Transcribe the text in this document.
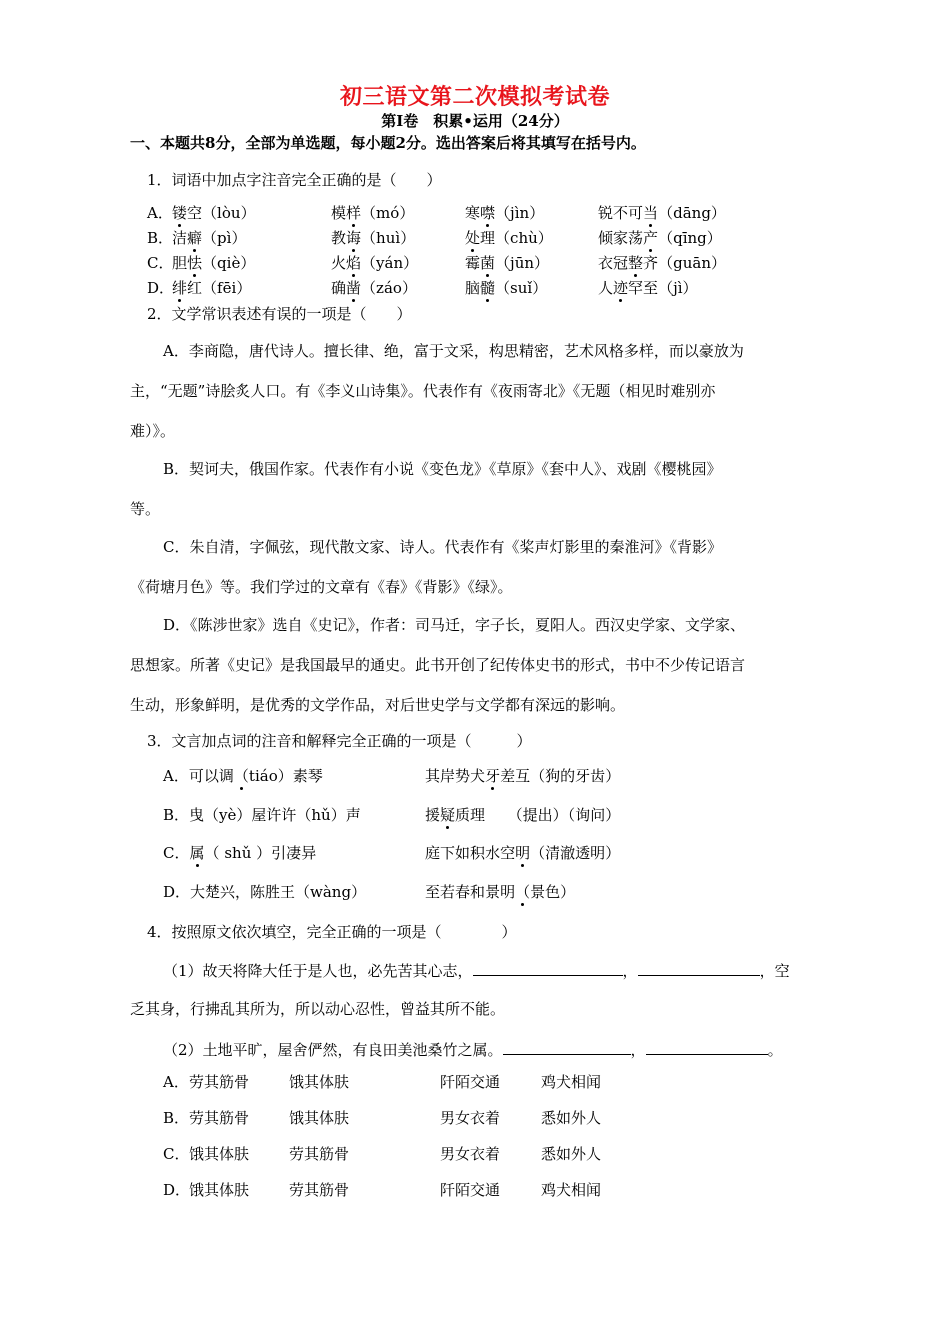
初三语文第二次模拟考试卷
第I卷　积累•运用（24分）
一、本题共8分，全部为单选题，每小题2分。选出答案后将其填写在括号内。
1．词语中加点字注音完全正确的是（　　）
A． 镂空（lòu）	模样（mó）	寒噤（jìn）	锐不可当（dāng）
B．
洁癖（pì）	教诲（huì）	处理（chù）	倾家荡产（qīng）
C．
胆怯（qiè）	火焰（yán）	霉菌（jūn）	衣冠整齐（guān）
D．
绯红（fēi）	确凿（záo）	脑髓（suǐ）	人迹罕至（jì）
2．文学常识表述有误的一项是（　　）
A．李商隐，唐代诗人。擅长律、绝，富于文采，构思精密，艺术风格多样，而以豪放为
主，“无题”诗脍炙人口。有《李义山诗集》。代表作有《夜雨寄北》《无题（相见时难别亦
难）》。
B．契诃夫，俄国作家。代表作有小说《变色龙》《草原》《套中人》、戏剧《樱桃园》
等。
C．朱自清，字佩弦，现代散文家、诗人。代表作有《桨声灯影里的秦淮河》《背影》
《荷塘月色》等。我们学过的文章有《春》《背影》《绿》。
D．《陈涉世家》选自《史记》，作者：司马迁，字子长，夏阳人。西汉史学家、文学家、
思想家。所著《史记》是我国最早的通史。此书开创了纪传体史书的形式，书中不少传记语言
生动，形象鲜明，是优秀的文学作品，对后世史学与文学都有深远的影响。
3．文言加点词的注音和解释完全正确的一项是（　　　）
A．可以调（tiáo）素琴	其岸势犬牙差互（狗的牙齿）
B．曳（yè）屋许许（hǔ）声	援疑质理　　 （提出）（询问）
C．属（ shǔ ）引凄异	庭下如积水空明（清澈透明）
D．大楚兴，陈胜王（wàng）	至若春和景明（景色）
4．按照原文依次填空，完全正确的一项是（　　　　）
（1）故天将降大任于是人也，必先苦其心志，	，	，空
乏其身，行拂乱其所为，所以动心忍性，曾益其所不能。
（2）土地平旷，屋舍俨然，有良田美池桑竹之属。	，	。
A． 劳其筋骨	饿其体肤	阡陌交通	鸡犬相闻
B． 劳其筋骨	饿其体肤	男女衣着	悉如外人
C． 饿其体肤	劳其筋骨	男女衣着	悉如外人
D．
饿其体肤	劳其筋骨	阡陌交通	鸡犬相闻
